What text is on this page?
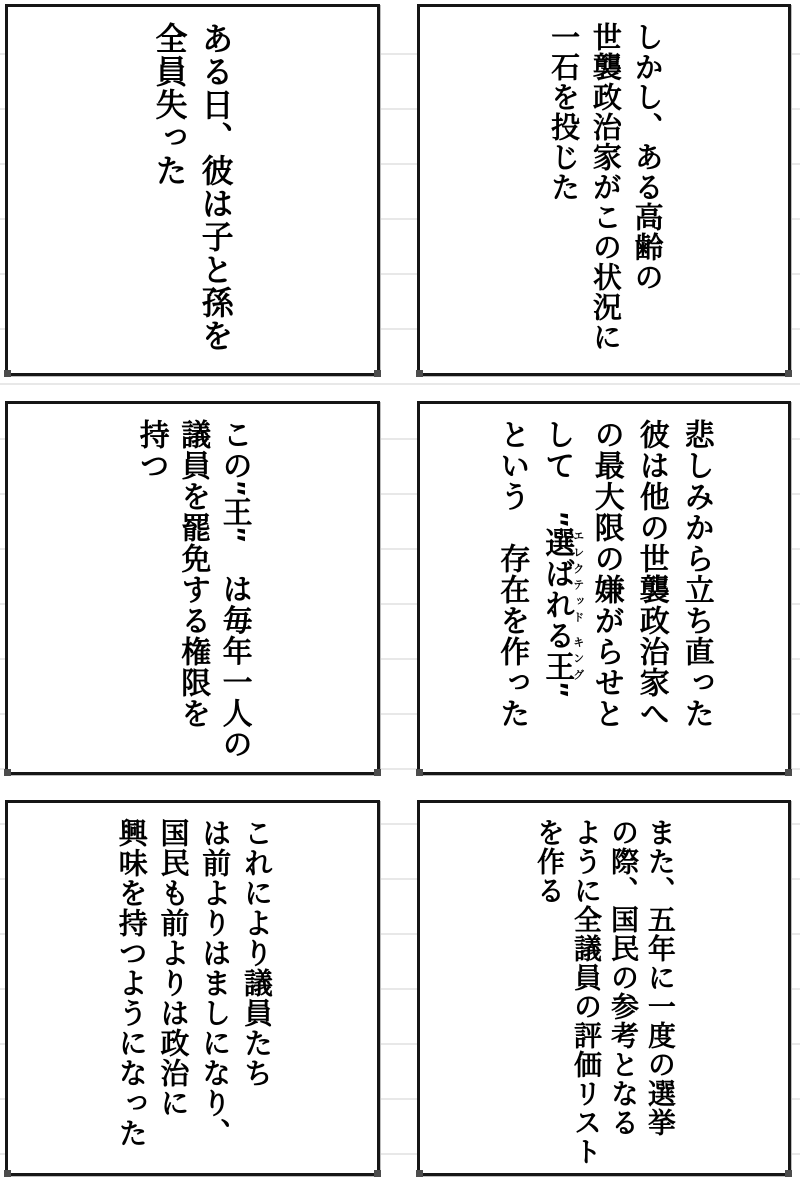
しかし、ある高齢の

世襲政治家がこの状況に

一石を投じた

ある日、彼は子と孫を

全員失った

悲しみから立ち直った

彼は他の世襲政治家へ

の最大限の嫌がらせと

して　″選ばれる王エレクテッド キング″

という　存在を作った

この″王″　は毎年一人の

議員を罷免する権限を

持つ

また、五年に一度の選挙

の際、国民の参考となる

ように全議員の評価リスト

を作る

これにより議員たち

は前よりはましになり、

国民も前よりは政治に

興味を持つようになった
